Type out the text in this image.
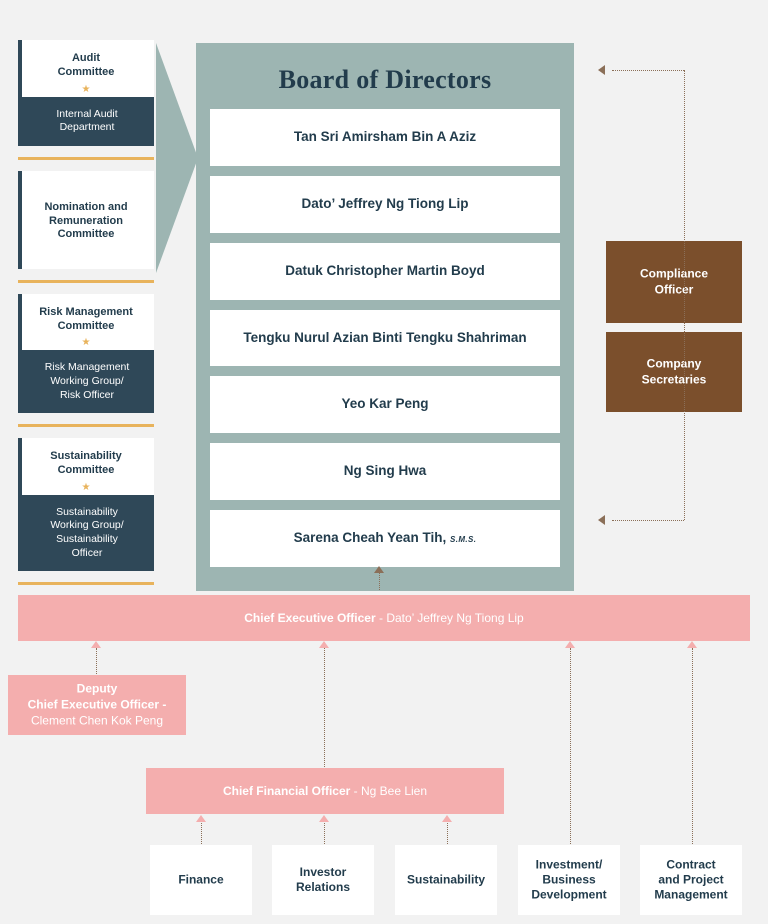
Audit
Committee
★
Internal Audit
Department
Nomination and
Remuneration
Committee
Risk Management
Committee
★
Risk Management
Working Group/
Risk Officer
Sustainability
Committee
★
Sustainability
Working Group/
Sustainability
Officer
Board of Directors
Tan Sri Amirsham Bin A Aziz
Dato’ Jeffrey Ng Tiong Lip
Datuk Christopher Martin Boyd
Tengku Nurul Azian Binti Tengku Shahriman
Yeo Kar Peng
Ng Sing Hwa
Sarena Cheah Yean Tih, S.M.S.
Compliance
Officer
Company
Secretaries
Chief Executive Officer - Dato’ Jeffrey Ng Tiong Lip
Deputy
Chief Executive Officer -
Clement Chen Kok Peng
Chief Financial Officer - Ng Bee Lien
Finance
Investor
Relations
Sustainability
Investment/
Business
Development
Contract
and Project
Management
